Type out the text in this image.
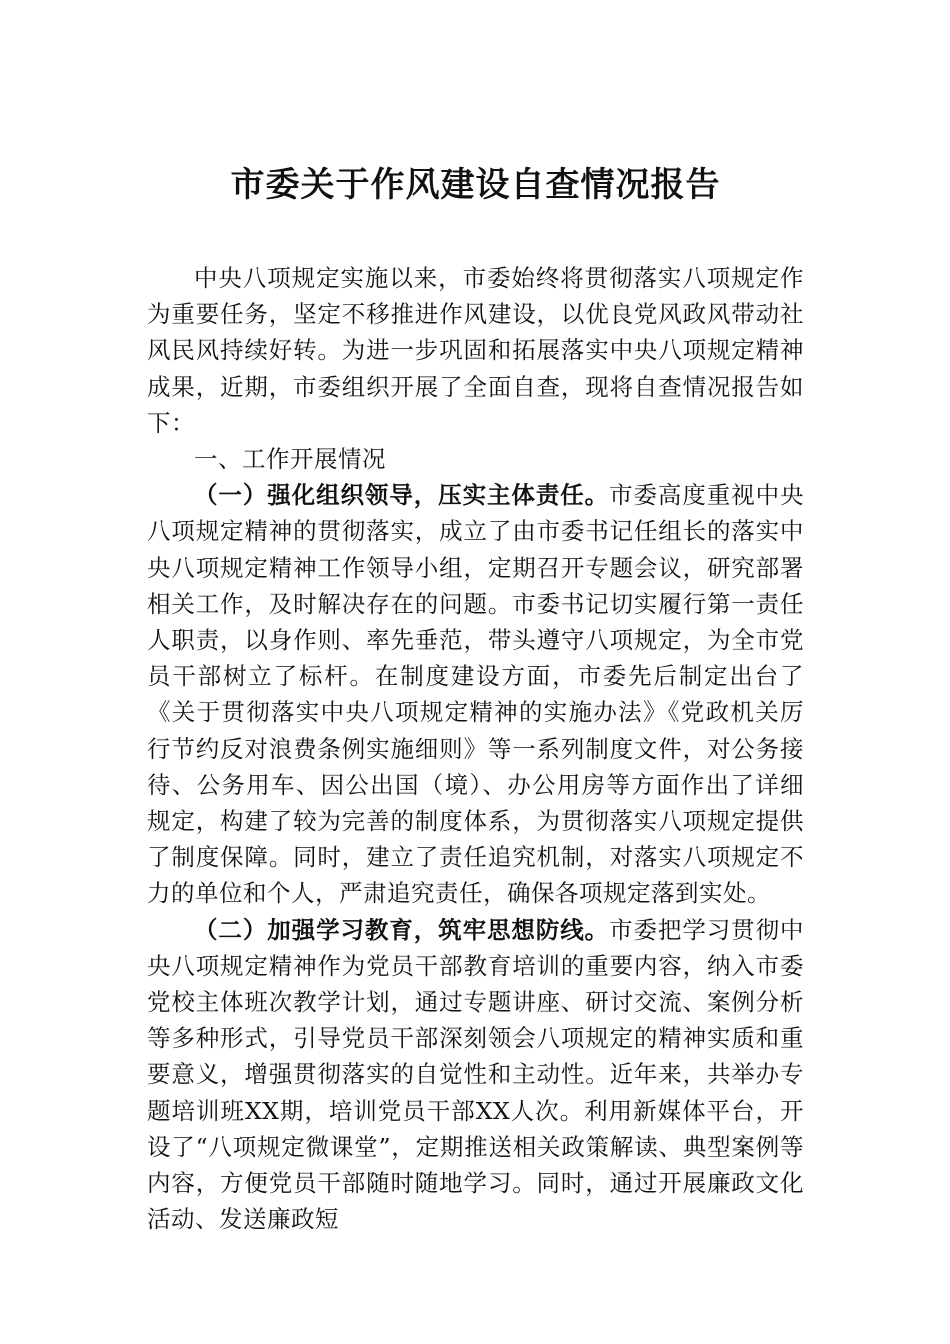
市委关于作风建设自查情况报告

中央八项规定实施以来，市委始终将贯彻落实八项规定作为重要任务，坚定不移推进作风建设，以优良党风政风带动社风民风持续好转。为进一步巩固和拓展落实中央八项规定精神成果，近期，市委组织开展了全面自查，现将自查情况报告如下：

一、工作开展情况

（一）强化组织领导，压实主体责任。市委高度重视中央八项规定精神的贯彻落实，成立了由市委书记任组长的落实中央八项规定精神工作领导小组，定期召开专题会议，研究部署相关工作，及时解决存在的问题。市委书记切实履行第一责任人职责，以身作则、率先垂范，带头遵守八项规定，为全市党员干部树立了标杆。在制度建设方面，市委先后制定出台了《关于贯彻落实中央八项规定精神的实施办法》《党政机关厉行节约反对浪费条例实施细则》等一系列制度文件，对公务接待、公务用车、因公出国（境）、办公用房等方面作出了详细规定，构建了较为完善的制度体系，为贯彻落实八项规定提供了制度保障。同时，建立了责任追究机制，对落实八项规定不力的单位和个人，严肃追究责任，确保各项规定落到实处。

（二）加强学习教育，筑牢思想防线。市委把学习贯彻中央八项规定精神作为党员干部教育培训的重要内容，纳入市委党校主体班次教学计划，通过专题讲座、研讨交流、案例分析等多种形式，引导党员干部深刻领会八项规定的精神实质和重要意义，增强贯彻落实的自觉性和主动性。近年来，共举办专题培训班XX期，培训党员干部XX人次。利用新媒体平台，开设了“八项规定微课堂”，定期推送相关政策解读、典型案例等内容，方便党员干部随时随地学习。同时，通过开展廉政文化活动、发送廉政短
